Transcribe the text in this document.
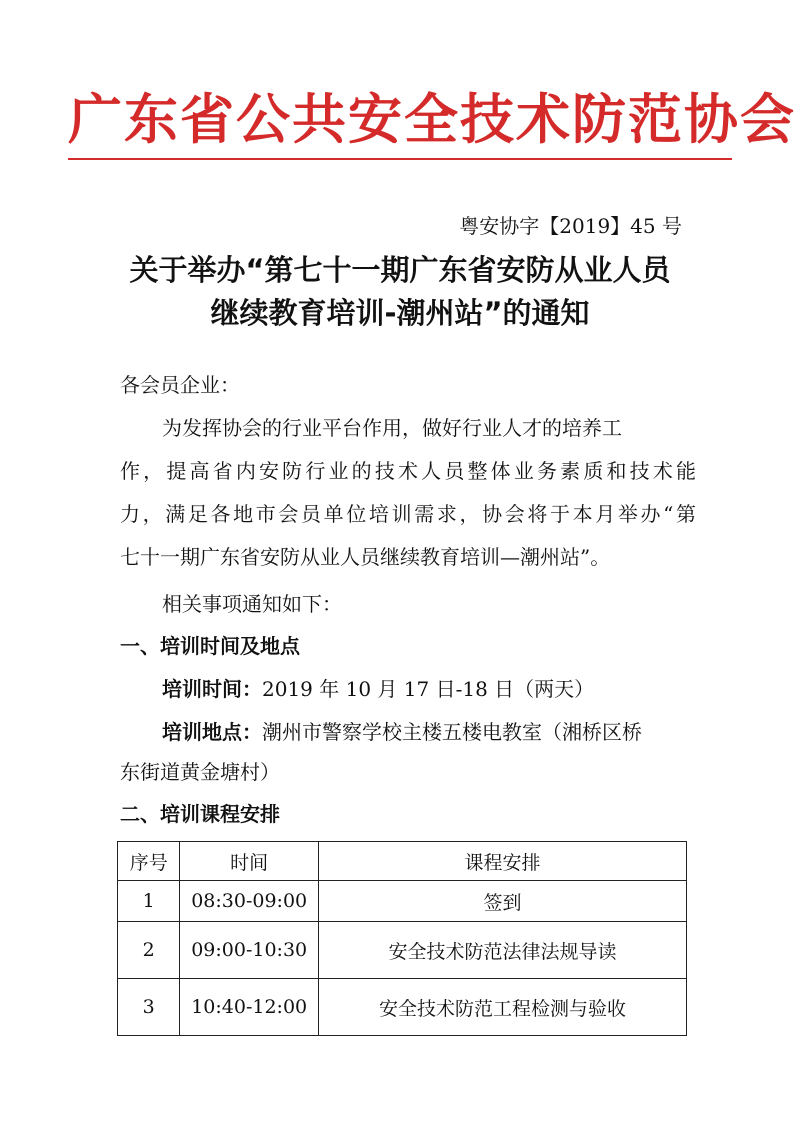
广东省公共安全技术防范协会
粤安协字【2019】45 号
关于举办“第七十一期广东省安防从业人员
继续教育培训-潮州站”的通知
各会员企业：
为发挥协会的行业平台作用，做好行业人才的培养工
作，提高省内安防行业的技术人员整体业务素质和技术能
力，满足各地市会员单位培训需求，协会将于本月举办“第
七十一期广东省安防从业人员继续教育培训—潮州站”。
相关事项通知如下：
一、培训时间及地点
培训时间：2019 年 10 月 17 日-18 日（两天）
培训地点：潮州市警察学校主楼五楼电教室（湘桥区桥
东街道黄金塘村）
二、培训课程安排
序号	时间	课程安排
1	08:30-09:00	签到
2	09:00-10:30	安全技术防范法律法规导读
3	10:40-12:00	安全技术防范工程检测与验收
